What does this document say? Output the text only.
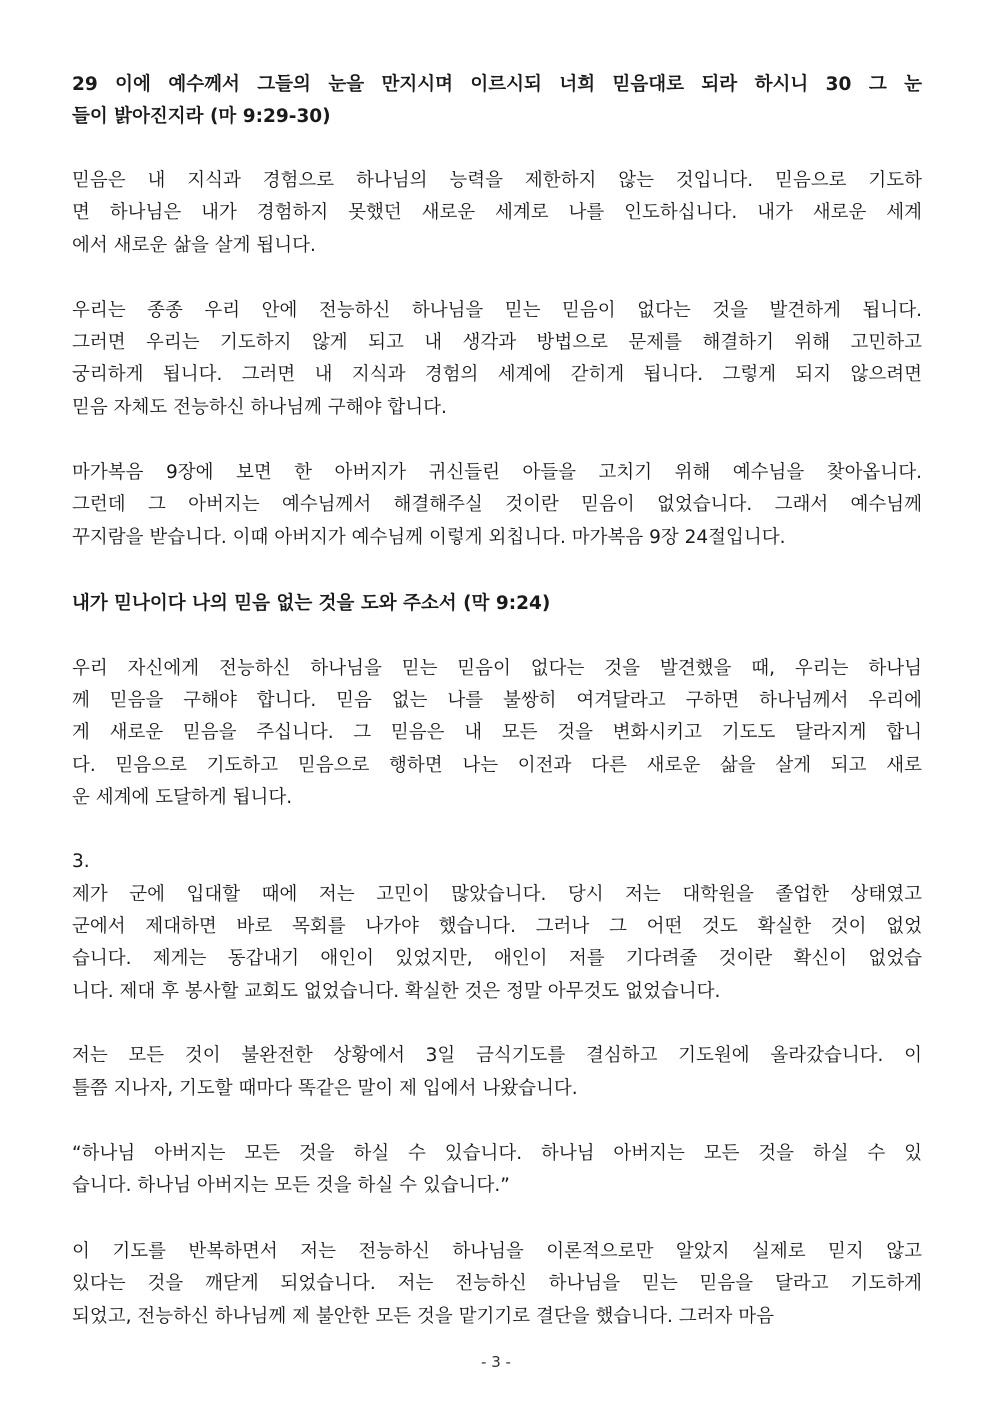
29 이에 예수께서 그들의 눈을 만지시며 이르시되 너희 믿음대로 되라 하시니 30 그 눈
들이 밝아진지라 (마 9:29-30)
믿음은 내 지식과 경험으로 하나님의 능력을 제한하지 않는 것입니다. 믿음으로 기도하
면 하나님은 내가 경험하지 못했던 새로운 세계로 나를 인도하십니다. 내가 새로운 세계
에서 새로운 삶을 살게 됩니다.
우리는 종종 우리 안에 전능하신 하나님을 믿는 믿음이 없다는 것을 발견하게 됩니다.
그러면 우리는 기도하지 않게 되고 내 생각과 방법으로 문제를 해결하기 위해 고민하고
궁리하게 됩니다. 그러면 내 지식과 경험의 세계에 갇히게 됩니다. 그렇게 되지 않으려면
믿음 자체도 전능하신 하나님께 구해야 합니다.
마가복음 9장에 보면 한 아버지가 귀신들린 아들을 고치기 위해 예수님을 찾아옵니다.
그런데 그 아버지는 예수님께서 해결해주실 것이란 믿음이 없었습니다. 그래서 예수님께
꾸지람을 받습니다. 이때 아버지가 예수님께 이렇게 외칩니다. 마가복음 9장 24절입니다.
내가 믿나이다 나의 믿음 없는 것을 도와 주소서 (막 9:24)
우리 자신에게 전능하신 하나님을 믿는 믿음이 없다는 것을 발견했을 때, 우리는 하나님
께 믿음을 구해야 합니다. 믿음 없는 나를 불쌍히 여겨달라고 구하면 하나님께서 우리에
게 새로운 믿음을 주십니다. 그 믿음은 내 모든 것을 변화시키고 기도도 달라지게 합니
다. 믿음으로 기도하고 믿음으로 행하면 나는 이전과 다른 새로운 삶을 살게 되고 새로
운 세계에 도달하게 됩니다.
3.
제가 군에 입대할 때에 저는 고민이 많았습니다. 당시 저는 대학원을 졸업한 상태였고
군에서 제대하면 바로 목회를 나가야 했습니다. 그러나 그 어떤 것도 확실한 것이 없었
습니다. 제게는 동갑내기 애인이 있었지만, 애인이 저를 기다려줄 것이란 확신이 없었습
니다. 제대 후 봉사할 교회도 없었습니다. 확실한 것은 정말 아무것도 없었습니다.
저는 모든 것이 불완전한 상황에서 3일 금식기도를 결심하고 기도원에 올라갔습니다. 이
틀쯤 지나자, 기도할 때마다 똑같은 말이 제 입에서 나왔습니다.
“하나님 아버지는 모든 것을 하실 수 있습니다. 하나님 아버지는 모든 것을 하실 수 있
습니다. 하나님 아버지는 모든 것을 하실 수 있습니다.”
이 기도를 반복하면서 저는 전능하신 하나님을 이론적으로만 알았지 실제로 믿지 않고
있다는 것을 깨닫게 되었습니다. 저는 전능하신 하나님을 믿는 믿음을 달라고 기도하게
되었고, 전능하신 하나님께 제 불안한 모든 것을 맡기기로 결단을 했습니다. 그러자 마음
- 3 -
